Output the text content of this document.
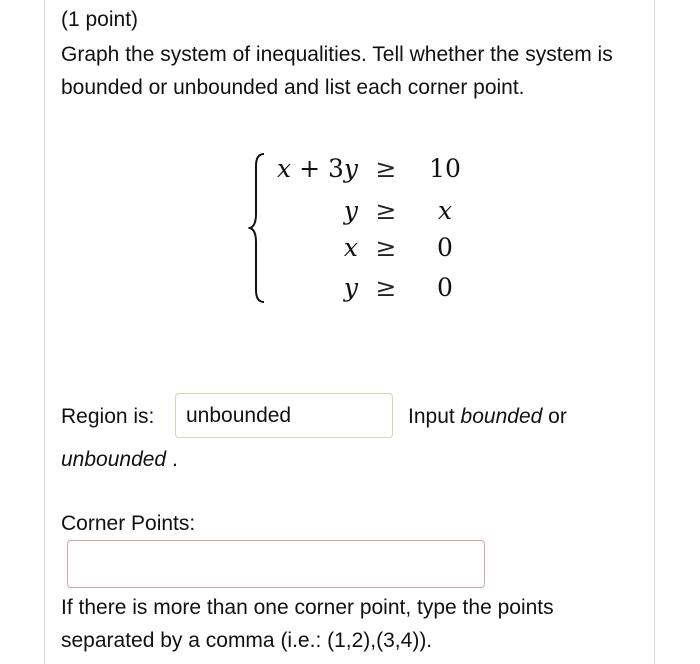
(1 point)
Graph the system of inequalities. Tell whether the system is bounded or unbounded and list each corner point.
x + 3y ≥ 10
y ≥	x
x ≥	0
y ≥	0
Region is:
unbounded	Input bounded or
unbounded .
Corner Points:
If there is more than one corner point, type the points separated by a comma (i.e.: (1,2),(3,4)).
